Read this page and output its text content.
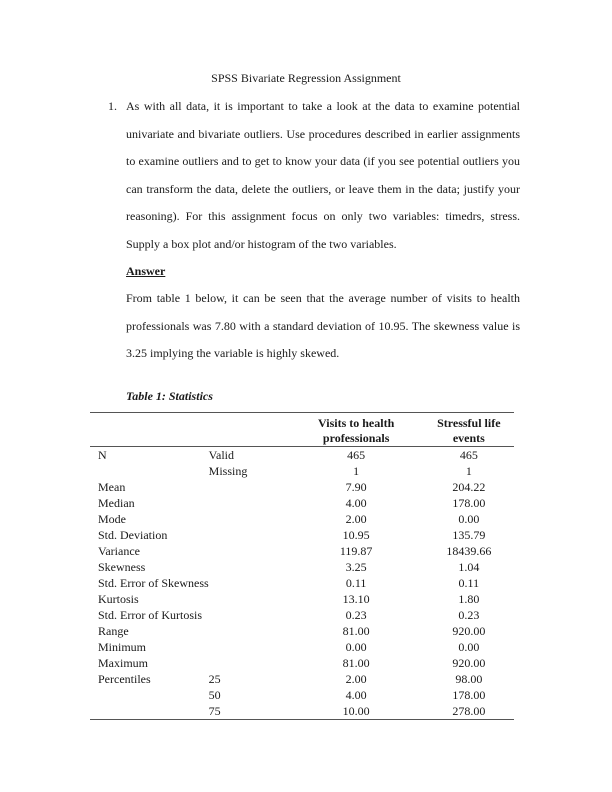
SPSS Bivariate Regression Assignment
1. As with all data, it is important to take a look at the data to examine potential univariate and bivariate outliers. Use procedures described in earlier assignments to examine outliers and to get to know your data (if you see potential outliers you can transform the data, delete the outliers, or leave them in the data; justify your reasoning). For this assignment focus on only two variables: timedrs, stress. Supply a box plot and/or histogram of the two variables.
Answer
From table 1 below, it can be seen that the average number of visits to health professionals was 7.80 with a standard deviation of 10.95. The skewness value is 3.25 implying the variable is highly skewed.
Table 1: Statistics
		Visits to health professionals	Stressful life events
N	Valid	465	465
	Missing	1	1
Mean		7.90	204.22
Median		4.00	178.00
Mode		2.00	0.00
Std. Deviation		10.95	135.79
Variance		119.87	18439.66
Skewness		3.25	1.04
Std. Error of Skewness		0.11	0.11
Kurtosis		13.10	1.80
Std. Error of Kurtosis		0.23	0.23
Range		81.00	920.00
Minimum		0.00	0.00
Maximum		81.00	920.00
Percentiles	25	2.00	98.00
	50	4.00	178.00
	75	10.00	278.00
